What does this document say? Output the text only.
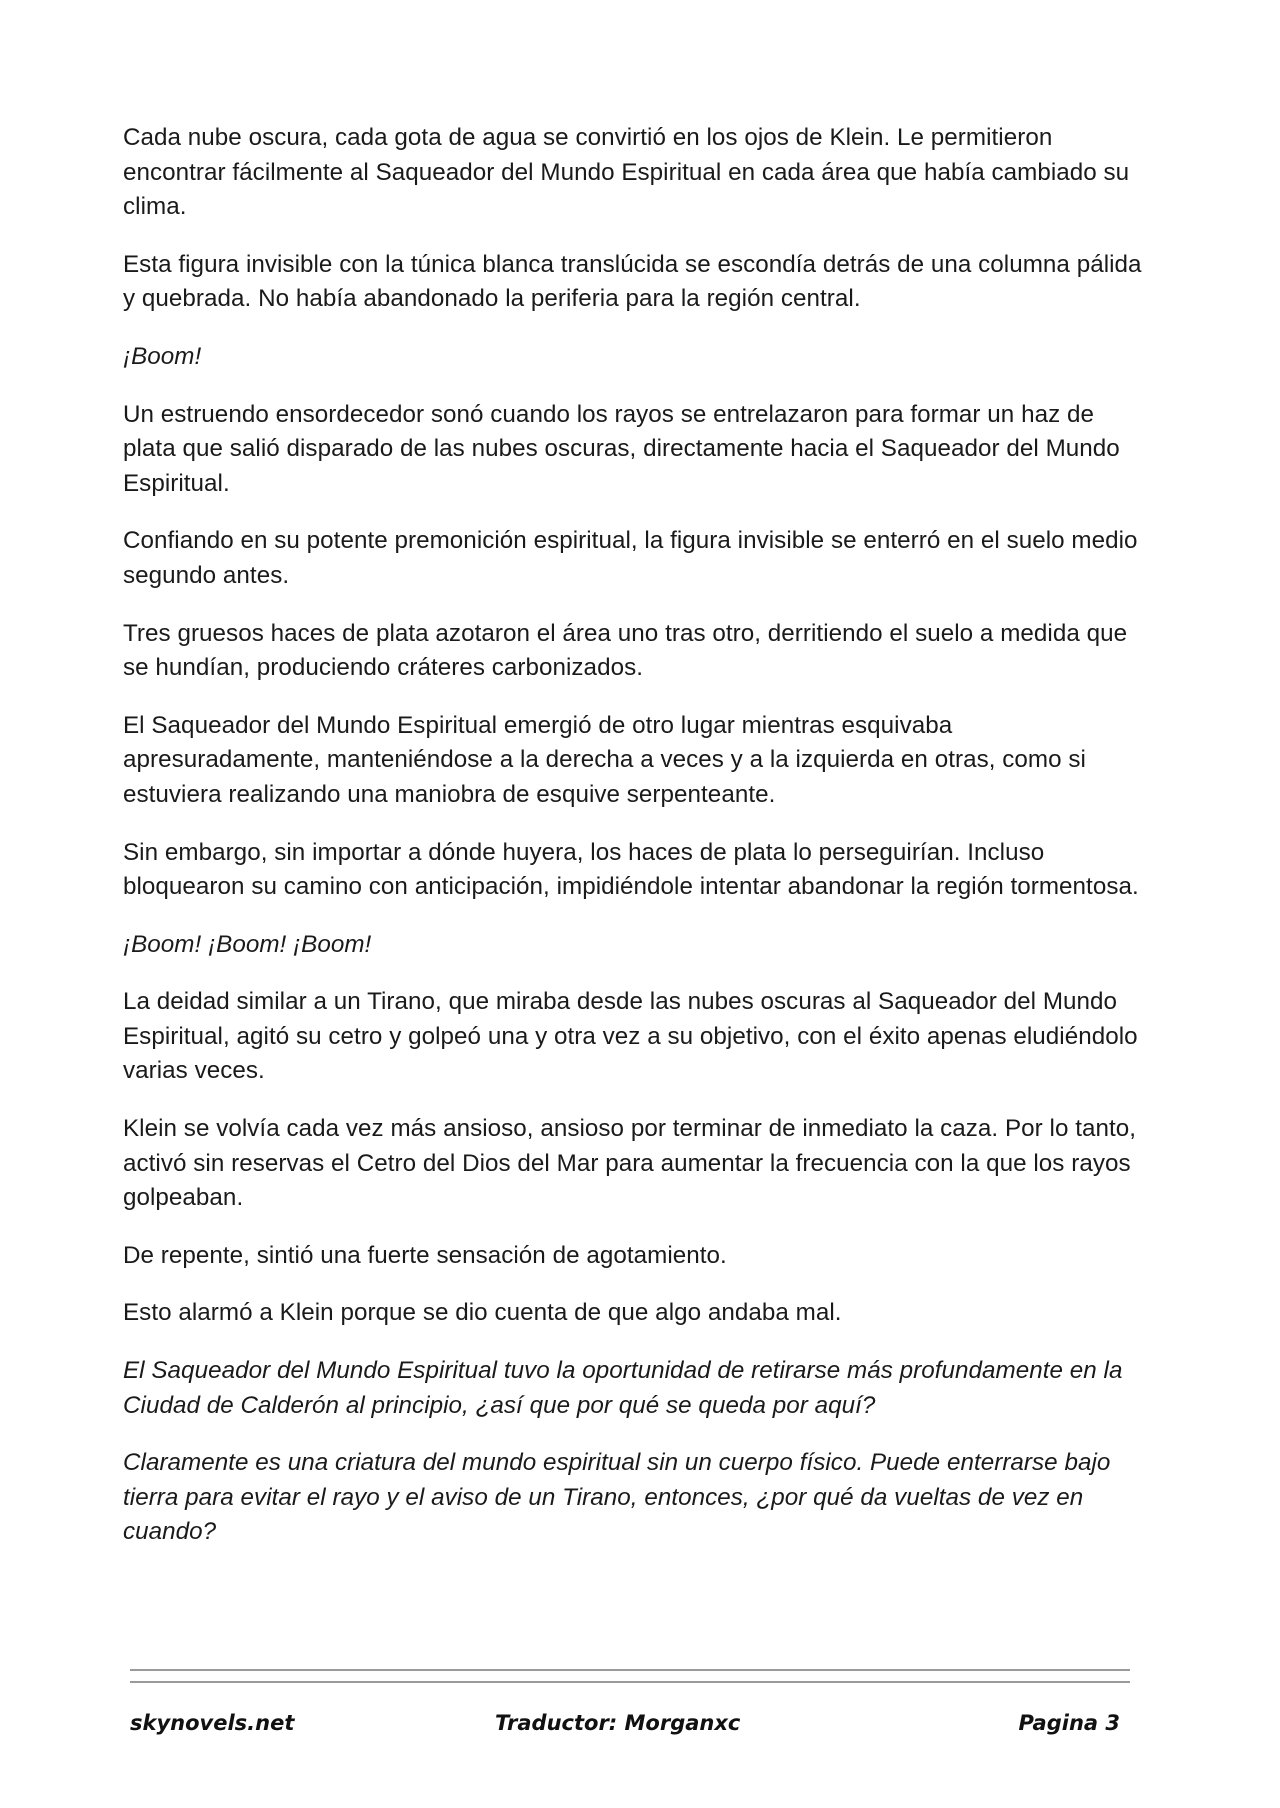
Cada nube oscura, cada gota de agua se convirtió en los ojos de Klein. Le permitieron encontrar fácilmente al Saqueador del Mundo Espiritual en cada área que había cambiado su clima.

Esta figura invisible con la túnica blanca translúcida se escondía detrás de una columna pálida y quebrada. No había abandonado la periferia para la región central.

¡Boom!

Un estruendo ensordecedor sonó cuando los rayos se entrelazaron para formar un haz de plata que salió disparado de las nubes oscuras, directamente hacia el Saqueador del Mundo Espiritual.

Confiando en su potente premonición espiritual, la figura invisible se enterró en el suelo medio segundo antes.

Tres gruesos haces de plata azotaron el área uno tras otro, derritiendo el suelo a medida que se hundían, produciendo cráteres carbonizados.

El Saqueador del Mundo Espiritual emergió de otro lugar mientras esquivaba apresuradamente, manteniéndose a la derecha a veces y a la izquierda en otras, como si estuviera realizando una maniobra de esquive serpenteante.

Sin embargo, sin importar a dónde huyera, los haces de plata lo perseguirían. Incluso bloquearon su camino con anticipación, impidiéndole intentar abandonar la región tormentosa.

¡Boom! ¡Boom! ¡Boom!

La deidad similar a un Tirano, que miraba desde las nubes oscuras al Saqueador del Mundo Espiritual, agitó su cetro y golpeó una y otra vez a su objetivo, con el éxito apenas eludiéndolo varias veces.

Klein se volvía cada vez más ansioso, ansioso por terminar de inmediato la caza. Por lo tanto, activó sin reservas el Cetro del Dios del Mar para aumentar la frecuencia con la que los rayos golpeaban.

De repente, sintió una fuerte sensación de agotamiento.

Esto alarmó a Klein porque se dio cuenta de que algo andaba mal.

El Saqueador del Mundo Espiritual tuvo la oportunidad de retirarse más profundamente en la Ciudad de Calderón al principio, ¿así que por qué se queda por aquí?

Claramente es una criatura del mundo espiritual sin un cuerpo físico. Puede enterrarse bajo tierra para evitar el rayo y el aviso de un Tirano, entonces, ¿por qué da vueltas de vez en cuando?

skynovels.net	Traductor: Morganxc	Pagina 3
